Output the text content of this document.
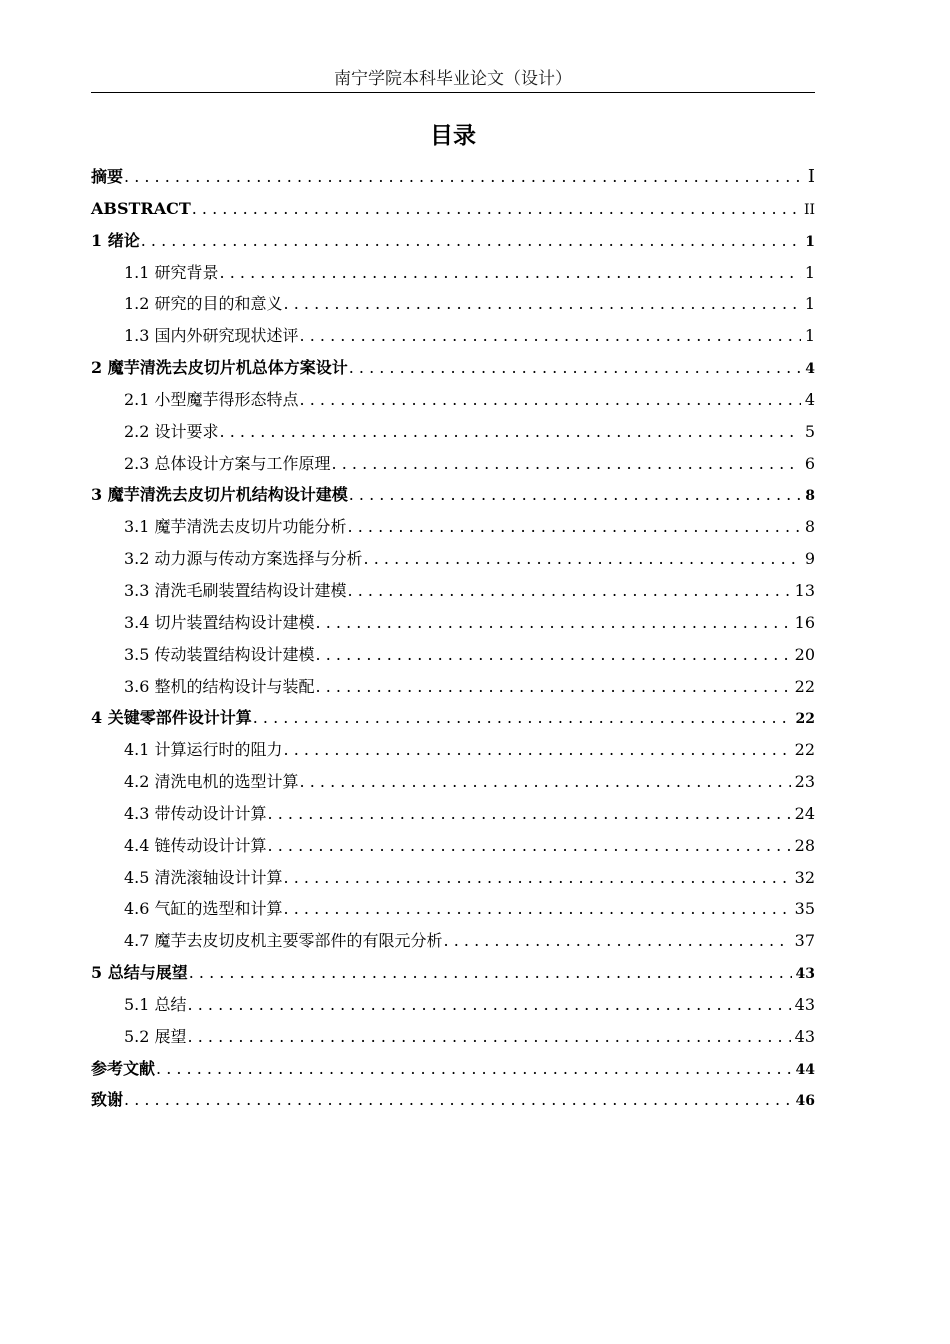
南宁学院本科毕业论文（设计）
目录
摘要 . . .	I
ABSTRACT . . .	II
1 绪论 . . .	1
1.1 研究背景 . . .	1
1.2 研究的目的和意义 . . .	1
1.3 国内外研究现状述评 . . .	1
2 魔芋清洗去皮切片机总体方案设计 . . .	4
2.1 小型魔芋得形态特点 . . .	4
2.2 设计要求 . . .	5
2.3 总体设计方案与工作原理 . . .	6
3 魔芋清洗去皮切片机结构设计建模 . . .	8
3.1 魔芋清洗去皮切片功能分析 . . .	8
3.2 动力源与传动方案选择与分析 . . .	9
3.3 清洗毛刷装置结构设计建模 . . .	13
3.4 切片装置结构设计建模 . . .	16
3.5 传动装置结构设计建模 . . .	20
3.6 整机的结构设计与装配 . . .	22
4 关键零部件设计计算 . . .	22
4.1 计算运行时的阻力 . . .	22
4.2 清洗电机的选型计算 . . .	23
4.3 带传动设计计算 . . .	24
4.4 链传动设计计算 . . .	28
4.5 清洗滚轴设计计算 . . .	32
4.6 气缸的选型和计算 . . .	35
4.7 魔芋去皮切皮机主要零部件的有限元分析 . . .	37
5 总结与展望 . . .	43
5.1 总结 . . .	43
5.2 展望 . . .	43
参考文献 . . .	44
致谢 . . .	46
